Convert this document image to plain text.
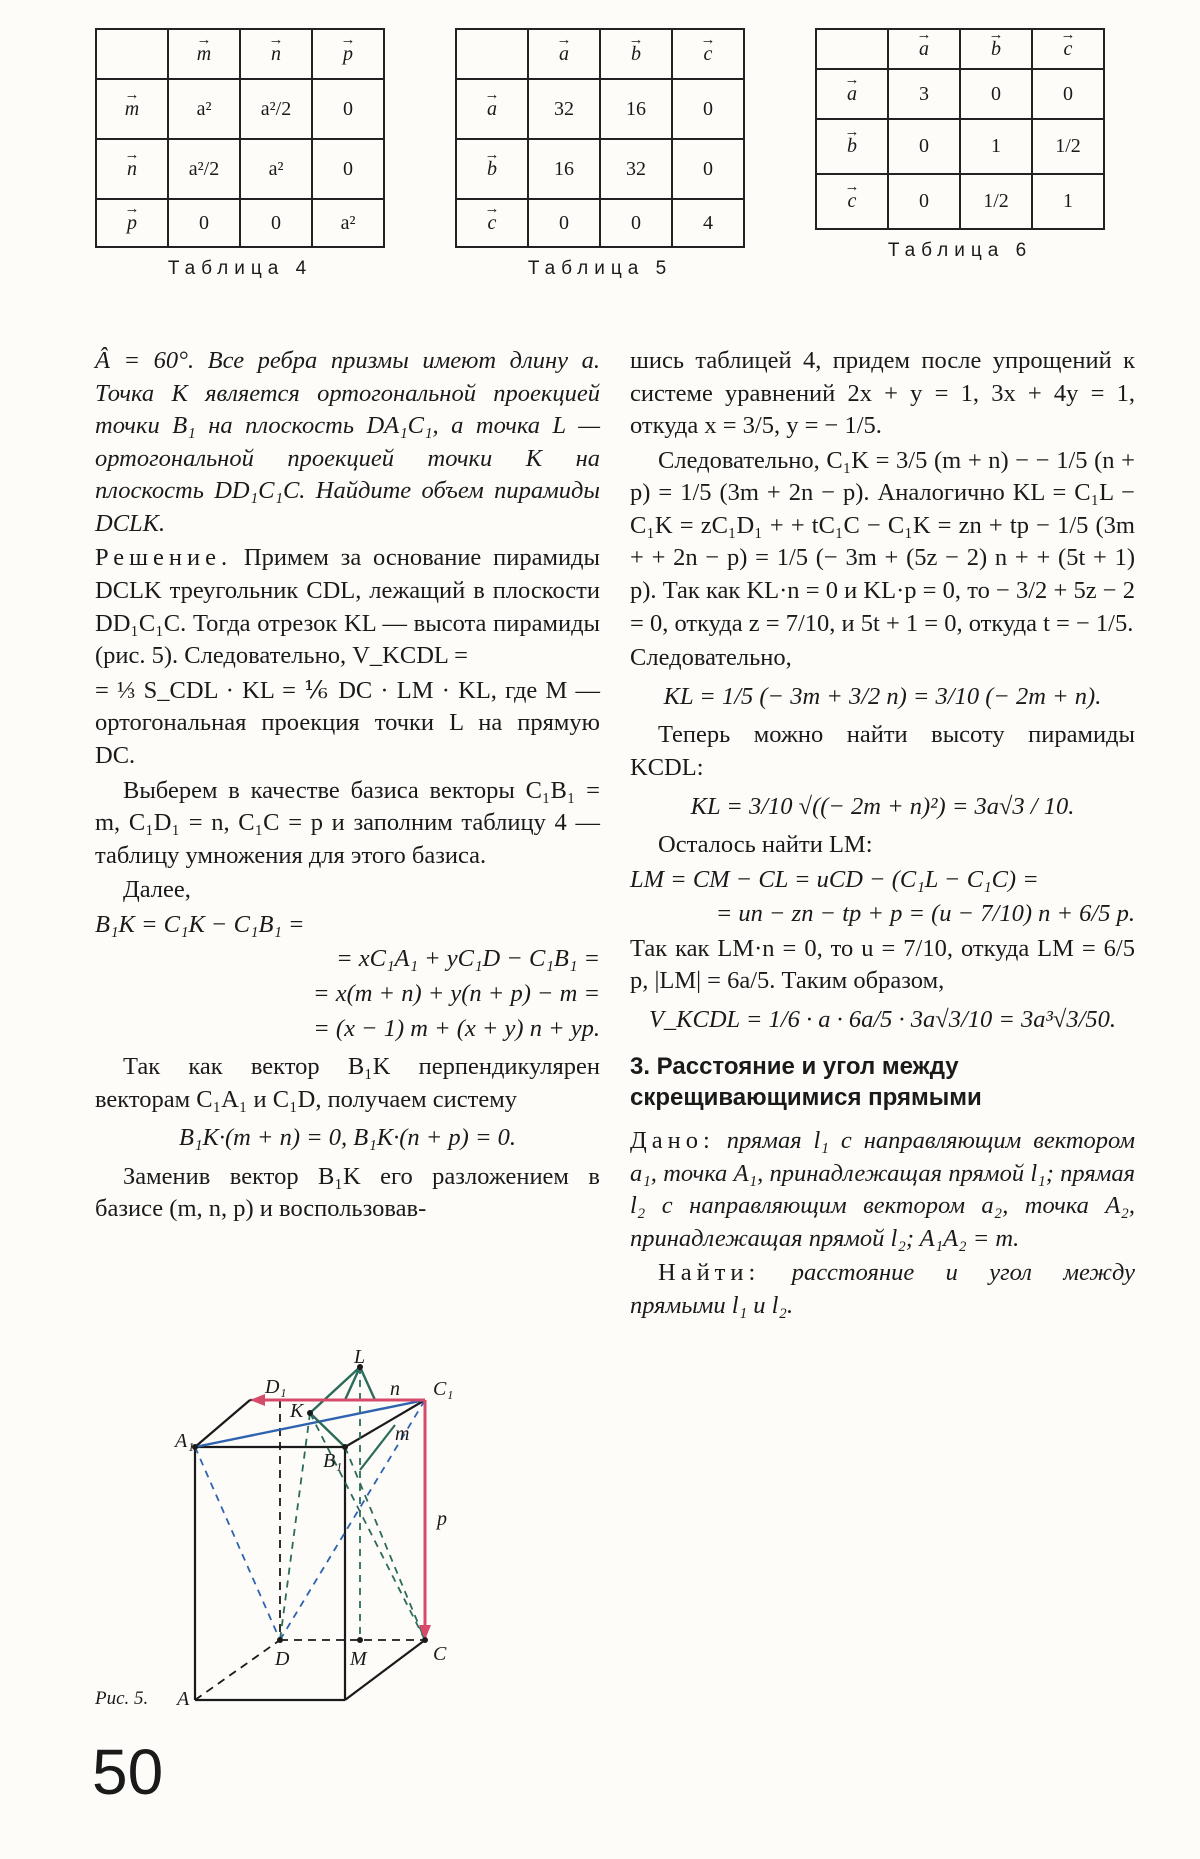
	→ m	→ n	→ p
→ m	a²	a²/2	0
→ n	a²/2	a²	0
→ p	0	0	a²
Таблица 4
	→ a	→ b	→ c
→ a	32	16	0
→ b	16	32	0
→ c	0	0	4
Таблица 5
	→ a	→ b	→ c
→ a	3	0	0
→ b	0	1	1/2
→ c	0	1/2	1
Таблица 6

Â = 60°. Все ребра призмы имеют длину a. Точка K является ортогональной проекцией точки B₁ на плоскость DA₁C₁, а точка L — ортогональной проекцией точки K на плоскость DD₁C₁C. Найдите объем пирамиды DCLK.

Решение. Примем за основание пирамиды DCLK треугольник CDL, лежащий в плоскости DD₁C₁C. Тогда отрезок KL — высота пирамиды (рис. 5). Следовательно, V_KCDL =

= ⅓ S_CDL · KL = ⅙ DC · LM · KL, где M — ортогональная проекция точки L на прямую DC.

Выберем в качестве базиса векторы C₁B₁ = m, C₁D₁ = n, C₁C = p и заполним таблицу 4 — таблицу умножения для этого базиса.

Далее,

B₁K = C₁K − C₁B₁ =

= xC₁A₁ + yC₁D − C₁B₁ =

= x(m + n) + y(n + p) − m =

= (x − 1) m + (x + y) n + yp.

Так как вектор B₁K перпендикулярен векторам C₁A₁ и C₁D, получаем систему

B₁K·(m + n) = 0, B₁K·(n + p) = 0.

Заменив вектор B₁K его разложением в базисе (m, n, p) и воспользовав-

шись таблицей 4, придем после упрощений к системе уравнений 2x + y = 1, 3x + 4y = 1, откуда x = 3/5, y = − 1/5.

Следовательно, C₁K = 3/5 (m + n) − − 1/5 (n + p) = 1/5 (3m + 2n − p). Аналогично KL = C₁L − C₁K = zC₁D₁ + + tC₁C − C₁K = zn + tp − 1/5 (3m + + 2n − p) = 1/5 (− 3m + (5z − 2) n + + (5t + 1) p). Так как KL·n = 0 и KL·p = 0, то − 3/2 + 5z − 2 = 0, откуда z = 7/10, и 5t + 1 = 0, откуда t = − 1/5.

Следовательно,

KL = 1/5 (− 3m + 3/2 n) = 3/10 (− 2m + n).

Теперь можно найти высоту пирамиды KCDL:

KL = 3/10 √((− 2m + n)²) = 3a√3 / 10.

Осталось найти LM:

LM = CM − CL = uCD − (C₁L − C₁C) =

= un − zn − tp + p = (u − 7/10) n + 6/5 p.

Так как LM·n = 0, то u = 7/10, откуда LM = 6/5 p, |LM| = 6a/5. Таким образом,

V_KCDL = 1/6 · a · 6a/5 · 3a√3/10 = 3a³√3/50.

3. Расстояние и угол между скрещивающимися прямыми

Дано: прямая l₁ с направляющим вектором a₁, точка A₁, принадлежащая прямой l₁; прямая l₂ с направляющим вектором a₂, точка A₂, принадлежащая прямой l₂; A₁A₂ = m.

Найти: расстояние и угол между прямыми l₁ и l₂.

D₁	C₁
A₁
B₁
K
L
n
m
p
D	M	C
A
Рис. 5.
50
